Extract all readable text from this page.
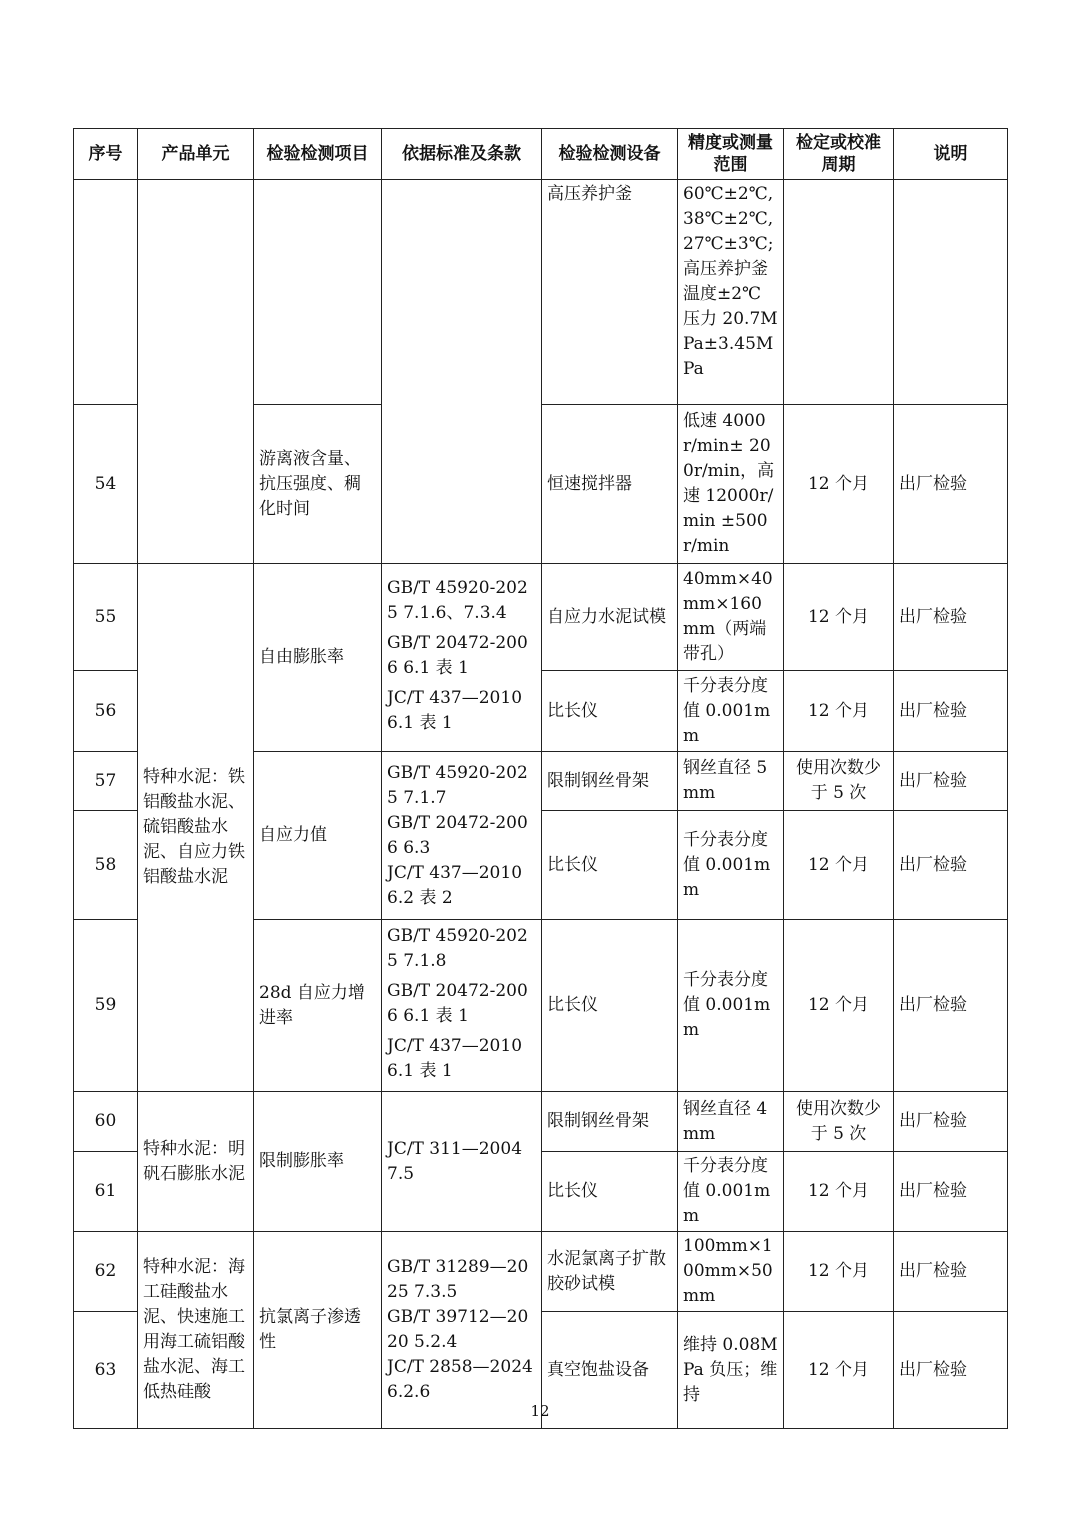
序号	产品单元	检验检测项目	依据标准及条款	检验检测设备	精度或测量范围	检定或校准周期	说明
				高压养护釜	60℃±2℃, 38℃±2℃,27℃±3℃; 高压养护釜温度±2℃压力 20.7MPa±3.45MPa		
54		游离液含量、抗压强度、稠化时间		恒速搅拌器	低速 4000r/min± 200r/min，高速 12000r/min ±500r/min	12 个月	出厂检验
55	特种水泥：铁铝酸盐水泥、硫铝酸盐水泥、自应力铁铝酸盐水泥	自由膨胀率	GB/T 45920-2025 7.1.6、7.3.4
GB/T 20472-2006 6.1 表 1
JC/T 437—2010 6.1 表 1	自应力水泥试模	40mm×40mm×160mm（两端带孔）	12 个月	出厂检验
56				比长仪	千分表分度值 0.001mm	12 个月	出厂检验
57		自应力值	GB/T 45920-2025 7.1.7
GB/T 20472-2006 6.3
JC/T 437—2010 6.2 表 2	限制钢丝骨架	钢丝直径 5mm	使用次数少于 5 次	出厂检验
58				比长仪	千分表分度值 0.001mm	12 个月	出厂检验
59		28d 自应力增进率	GB/T 45920-2025 7.1.8
GB/T 20472-2006 6.1 表 1
JC/T 437—2010 6.1 表 1	比长仪	千分表分度值 0.001mm	12 个月	出厂检验
60	特种水泥：明矾石膨胀水泥	限制膨胀率	JC/T 311—2004 7.5	限制钢丝骨架	钢丝直径 4 mm	使用次数少于 5 次	出厂检验
61				比长仪	千分表分度值 0.001mm	12 个月	出厂检验
62	特种水泥：海工硅酸盐水泥、快速施工用海工硫铝酸盐水泥、海工低热硅酸	抗氯离子渗透性	GB/T 31289—2025 7.3.5
GB/T 39712—2020 5.2.4
JC/T 2858—2024 6.2.6	水泥氯离子扩散胶砂试模	100mm×100mm×50mm	12 个月	出厂检验
63				真空饱盐设备	维持 0.08MPa 负压；维持	12 个月	出厂检验
12
